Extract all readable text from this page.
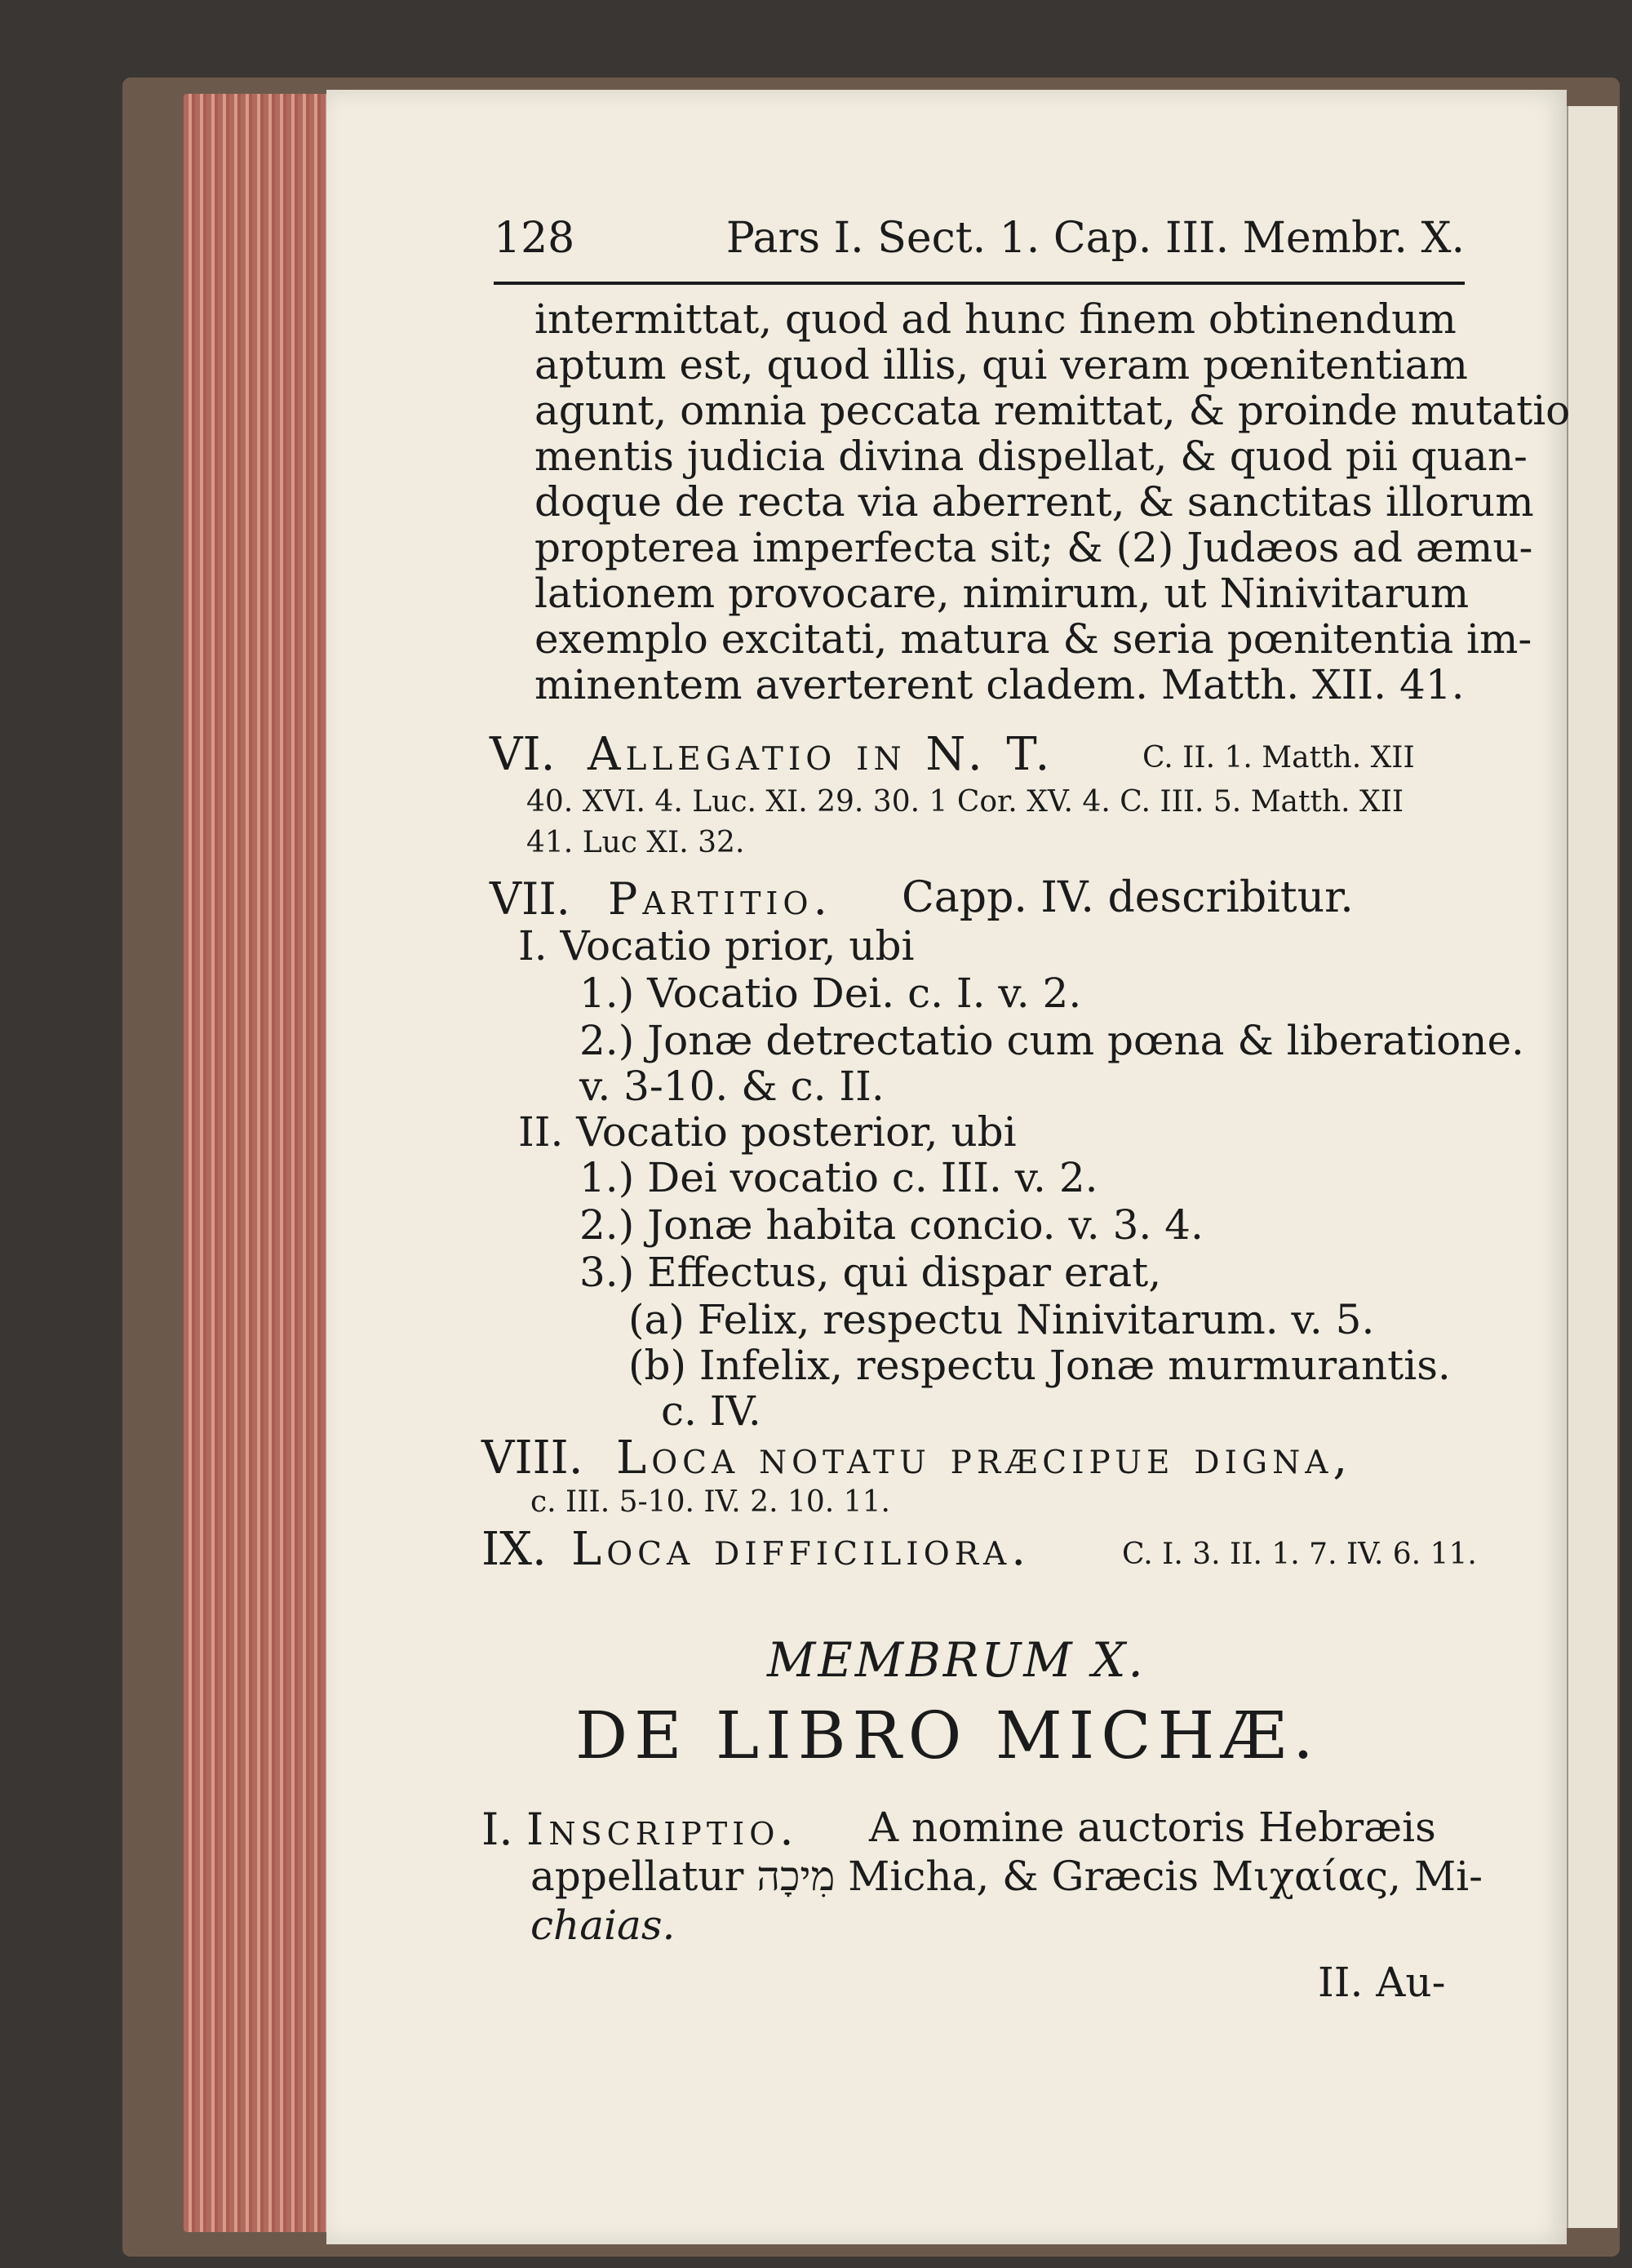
128	Pars I. Sect. 1. Cap. III. Membr. X.
intermittat, quod ad hunc finem obtinendum
aptum est, quod illis, qui veram pœnitentiam
agunt, omnia peccata remittat, & proinde mutatio
mentis judicia divina dispellat, & quod pii quan-
doque de recta via aberrent, & sanctitas illorum
propterea imperfecta sit; & (2) Judæos ad æmu-
lationem provocare, nimirum, ut Ninivitarum
exemplo excitati, matura & seria pœnitentia im-
minentem averterent cladem. Matth. XII. 41.
VI. Allegatio in N. T.	C. II. 1. Matth. XII
40. XVI. 4. Luc. XI. 29. 30. 1 Cor. XV. 4. C. III. 5. Matth. XII
41. Luc XI. 32.
VII. Partitio. Capp. IV. describitur.
I. Vocatio prior, ubi
1.) Vocatio Dei. c. I. v. 2.
2.) Jonæ detrectatio cum pœna & liberatione.
v. 3-10. & c. II.
II. Vocatio posterior, ubi
1.) Dei vocatio c. III. v. 2.
2.) Jonæ habita concio. v. 3. 4.
3.) Effectus, qui dispar erat,
(a) Felix, respectu Ninivitarum. v. 5.
(b) Infelix, respectu Jonæ murmurantis.
c. IV.
VIII. Loca notatu præcipue digna,
c. III. 5-10. IV. 2. 10. 11.
IX. Loca difficiliora.	C. I. 3. II. 1. 7. IV. 6. 11.
MEMBRUM X.
DE LIBRO MICHÆ.
I. Inscriptio. A nomine auctoris Hebræis
appellatur מִיכָה Micha, & Græcis Μιχαίας, Mi-
chaias.
II. Au-
